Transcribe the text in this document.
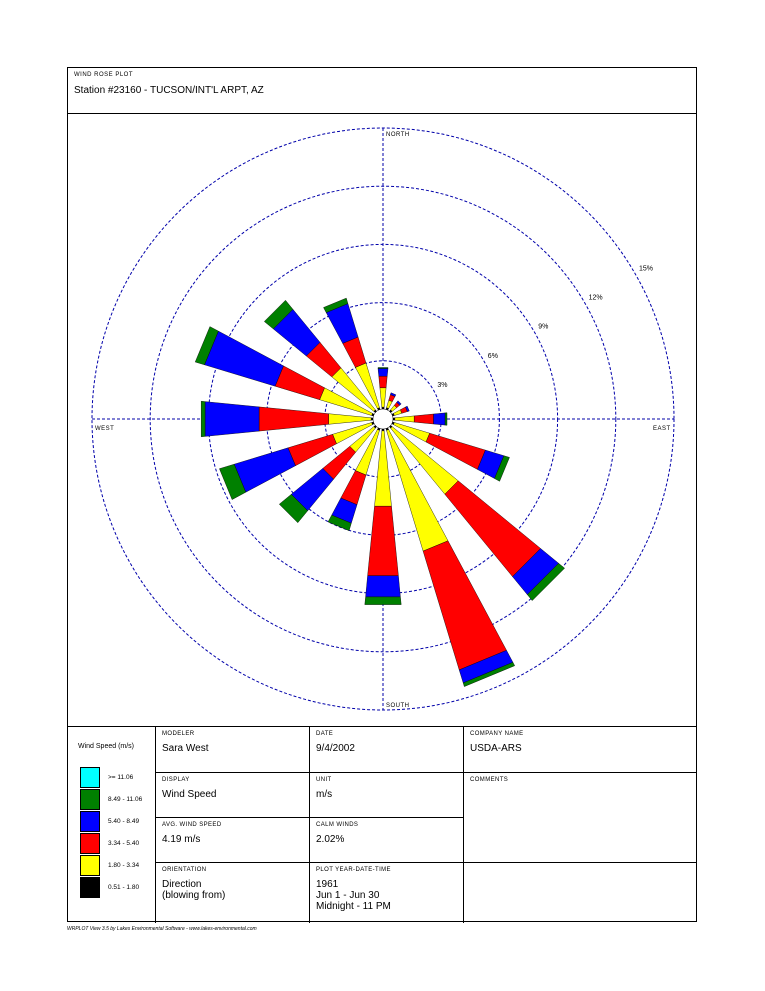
WIND ROSE PLOT
Station #23160 - TUCSON/INT'L ARPT, AZ
3%
6%
9%
12%
15%
NORTH
SOUTH
WEST	EAST
Wind Speed (m/s)
>= 11.06
8.49 - 11.06
5.40 - 8.49
3.34 - 5.40
1.80 - 3.34
0.51 - 1.80
MODELER
Sara West
DATE
9/4/2002
COMPANY NAME
USDA-ARS
DISPLAY
Wind Speed
UNIT
m/s
COMMENTS
AVG. WIND SPEED
4.19 m/s
CALM WINDS
2.02%
ORIENTATION
Direction
(blowing from)
PLOT YEAR-DATE-TIME
1961
Jun 1 - Jun 30
Midnight - 11 PM
WRPLOT View 3.5 by Lakes Environmental Software - www.lakes-environmental.com
